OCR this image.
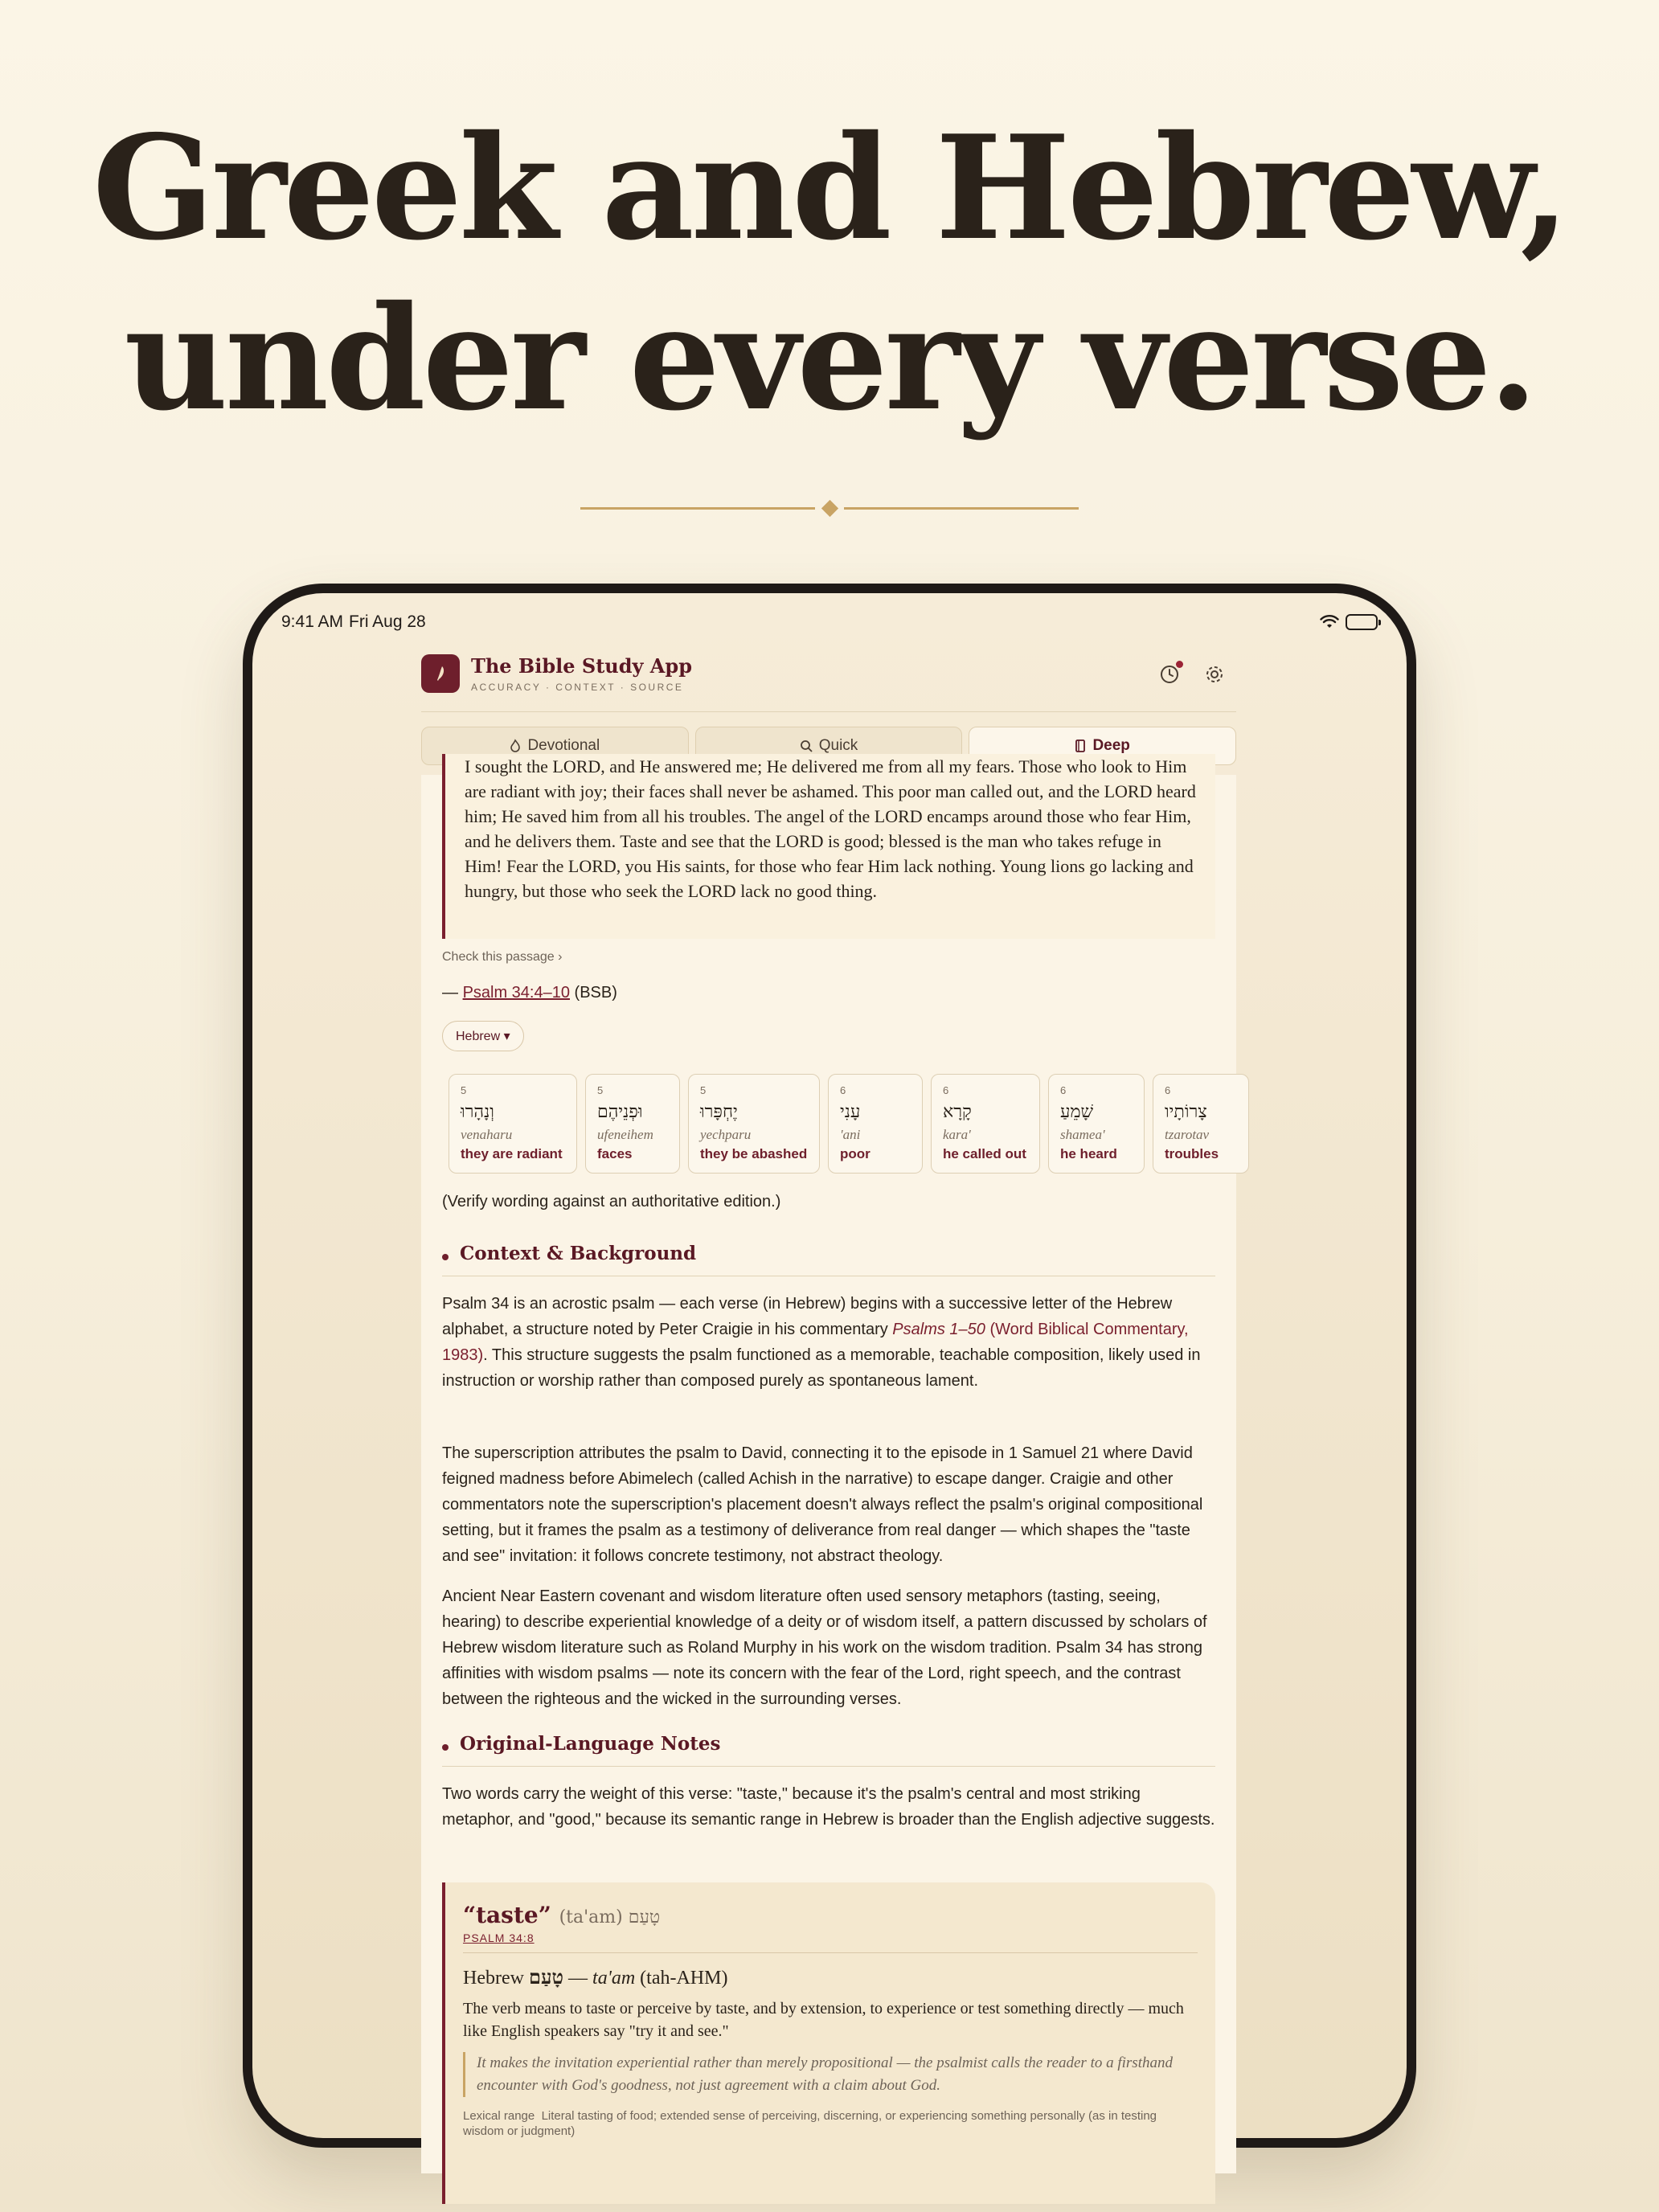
Greek and Hebrew,
under every verse.
9:41 AM Fri Aug 28
The Bible Study App
ACCURACY · CONTEXT · SOURCE
Devotional	Quick	Deep

I sought the LORD, and He answered me; He delivered me from all my fears. Those who look to Him are radiant with joy; their faces shall never be ashamed. This poor man called out, and the LORD heard him; He saved him from all his troubles. The angel of the LORD encamps around those who fear Him, and he delivers them. Taste and see that the LORD is good; blessed is the man who takes refuge in Him! Fear the LORD, you His saints, for those who fear Him lack nothing. Young lions go lacking and hungry, but those who seek the LORD lack no good thing.

Check this passage ›
— Psalm 34:4–10 (BSB)
Hebrew ▾
5
וְנָהָרוּ
venaharu
they are radiant
5
וּפְנֵיהֶם
ufeneihem
faces
5
יֶחְפָּרוּ
yechparu
they be abashed
6
עָנִי
'ani
poor
6
קָרָא
kara'
he called out
6
שָׁמֵעַ
shamea'
he heard
6
צָרוֹתָיו
tzarotav
troubles
(Verify wording against an authoritative edition.)
Context & Background
Psalm 34 is an acrostic psalm — each verse (in Hebrew) begins with a successive letter of the Hebrew alphabet, a structure noted by Peter Craigie in his commentary Psalms 1–50 (Word Biblical Commentary, 1983). This structure suggests the psalm functioned as a memorable, teachable composition, likely used in instruction or worship rather than composed purely as spontaneous lament.
The superscription attributes the psalm to David, connecting it to the episode in 1 Samuel 21 where David feigned madness before Abimelech (called Achish in the narrative) to escape danger. Craigie and other commentators note the superscription's placement doesn't always reflect the psalm's original compositional setting, but it frames the psalm as a testimony of deliverance from real danger — which shapes the "taste and see" invitation: it follows concrete testimony, not abstract theology.
Ancient Near Eastern covenant and wisdom literature often used sensory metaphors (tasting, seeing, hearing) to describe experiential knowledge of a deity or of wisdom itself, a pattern discussed by scholars of Hebrew wisdom literature such as Roland Murphy in his work on the wisdom tradition. Psalm 34 has strong affinities with wisdom psalms — note its concern with the fear of the Lord, right speech, and the contrast between the righteous and the wicked in the surrounding verses.
Original-Language Notes
Two words carry the weight of this verse: "taste," because it's the psalm's central and most striking metaphor, and "good," because its semantic range in Hebrew is broader than the English adjective suggests.
“taste” (ta'am) טָעַם
PSALM 34:8
Hebrew טָעַם — ta'am (tah-AHM)
The verb means to taste or perceive by taste, and by extension, to experience or test something directly — much like English speakers say "try it and see."
It makes the invitation experiential rather than merely propositional — the psalmist calls the reader to a firsthand encounter with God's goodness, not just agreement with a claim about God.
Lexical range Literal tasting of food; extended sense of perceiving, discerning, or experiencing something personally (as in testing wisdom or judgment)
